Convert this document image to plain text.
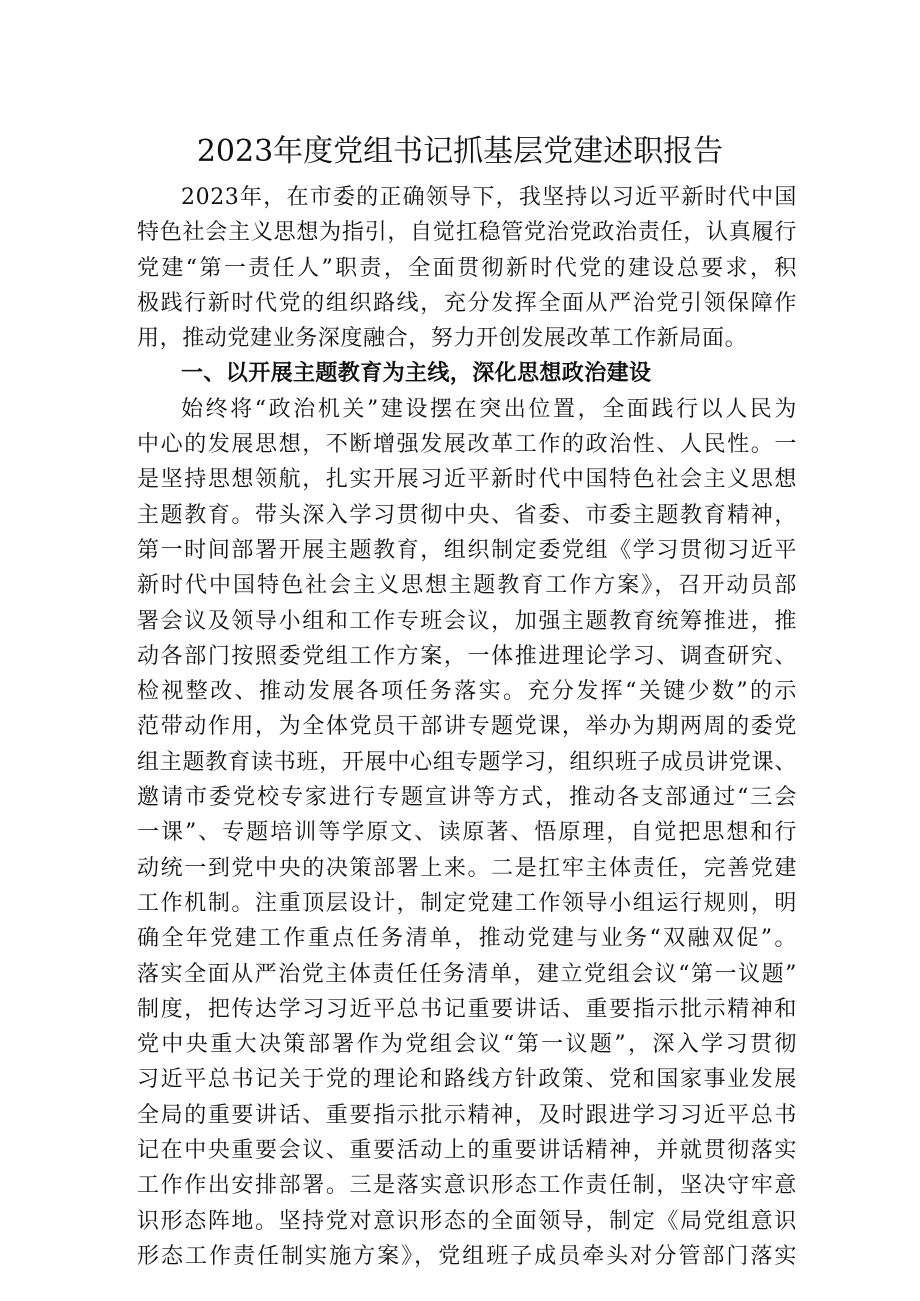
2023年度党组书记抓基层党建述职报告
2023年，在市委的正确领导下，我坚持以习近平新时代中国
特色社会主义思想为指引，自觉扛稳管党治党政治责任，认真履行
党建“第一责任人”职责，全面贯彻新时代党的建设总要求，积
极践行新时代党的组织路线，充分发挥全面从严治党引领保障作
用，推动党建业务深度融合，努力开创发展改革工作新局面。
一、以开展主题教育为主线，深化思想政治建设
始终将“政治机关”建设摆在突出位置，全面践行以人民为
中心的发展思想，不断增强发展改革工作的政治性、人民性。一
是坚持思想领航，扎实开展习近平新时代中国特色社会主义思想
主题教育。带头深入学习贯彻中央、省委、市委主题教育精神，
第一时间部署开展主题教育，组织制定委党组《学习贯彻习近平
新时代中国特色社会主义思想主题教育工作方案》，召开动员部
署会议及领导小组和工作专班会议，加强主题教育统筹推进，推
动各部门按照委党组工作方案，一体推进理论学习、调查研究、
检视整改、推动发展各项任务落实。充分发挥“关键少数”的示
范带动作用，为全体党员干部讲专题党课，举办为期两周的委党
组主题教育读书班，开展中心组专题学习，组织班子成员讲党课、
邀请市委党校专家进行专题宣讲等方式，推动各支部通过“三会
一课”、专题培训等学原文、读原著、悟原理，自觉把思想和行
动统一到党中央的决策部署上来。二是扛牢主体责任，完善党建
工作机制。注重顶层设计，制定党建工作领导小组运行规则，明
确全年党建工作重点任务清单，推动党建与业务“双融双促”。
落实全面从严治党主体责任任务清单，建立党组会议“第一议题”
制度，把传达学习习近平总书记重要讲话、重要指示批示精神和
党中央重大决策部署作为党组会议“第一议题”，深入学习贯彻
习近平总书记关于党的理论和路线方针政策、党和国家事业发展
全局的重要讲话、重要指示批示精神，及时跟进学习习近平总书
记在中央重要会议、重要活动上的重要讲话精神，并就贯彻落实
工作作出安排部署。三是落实意识形态工作责任制，坚决守牢意
识形态阵地。坚持党对意识形态的全面领导，制定《局党组意识
形态工作责任制实施方案》，党组班子成员牵头对分管部门落实
